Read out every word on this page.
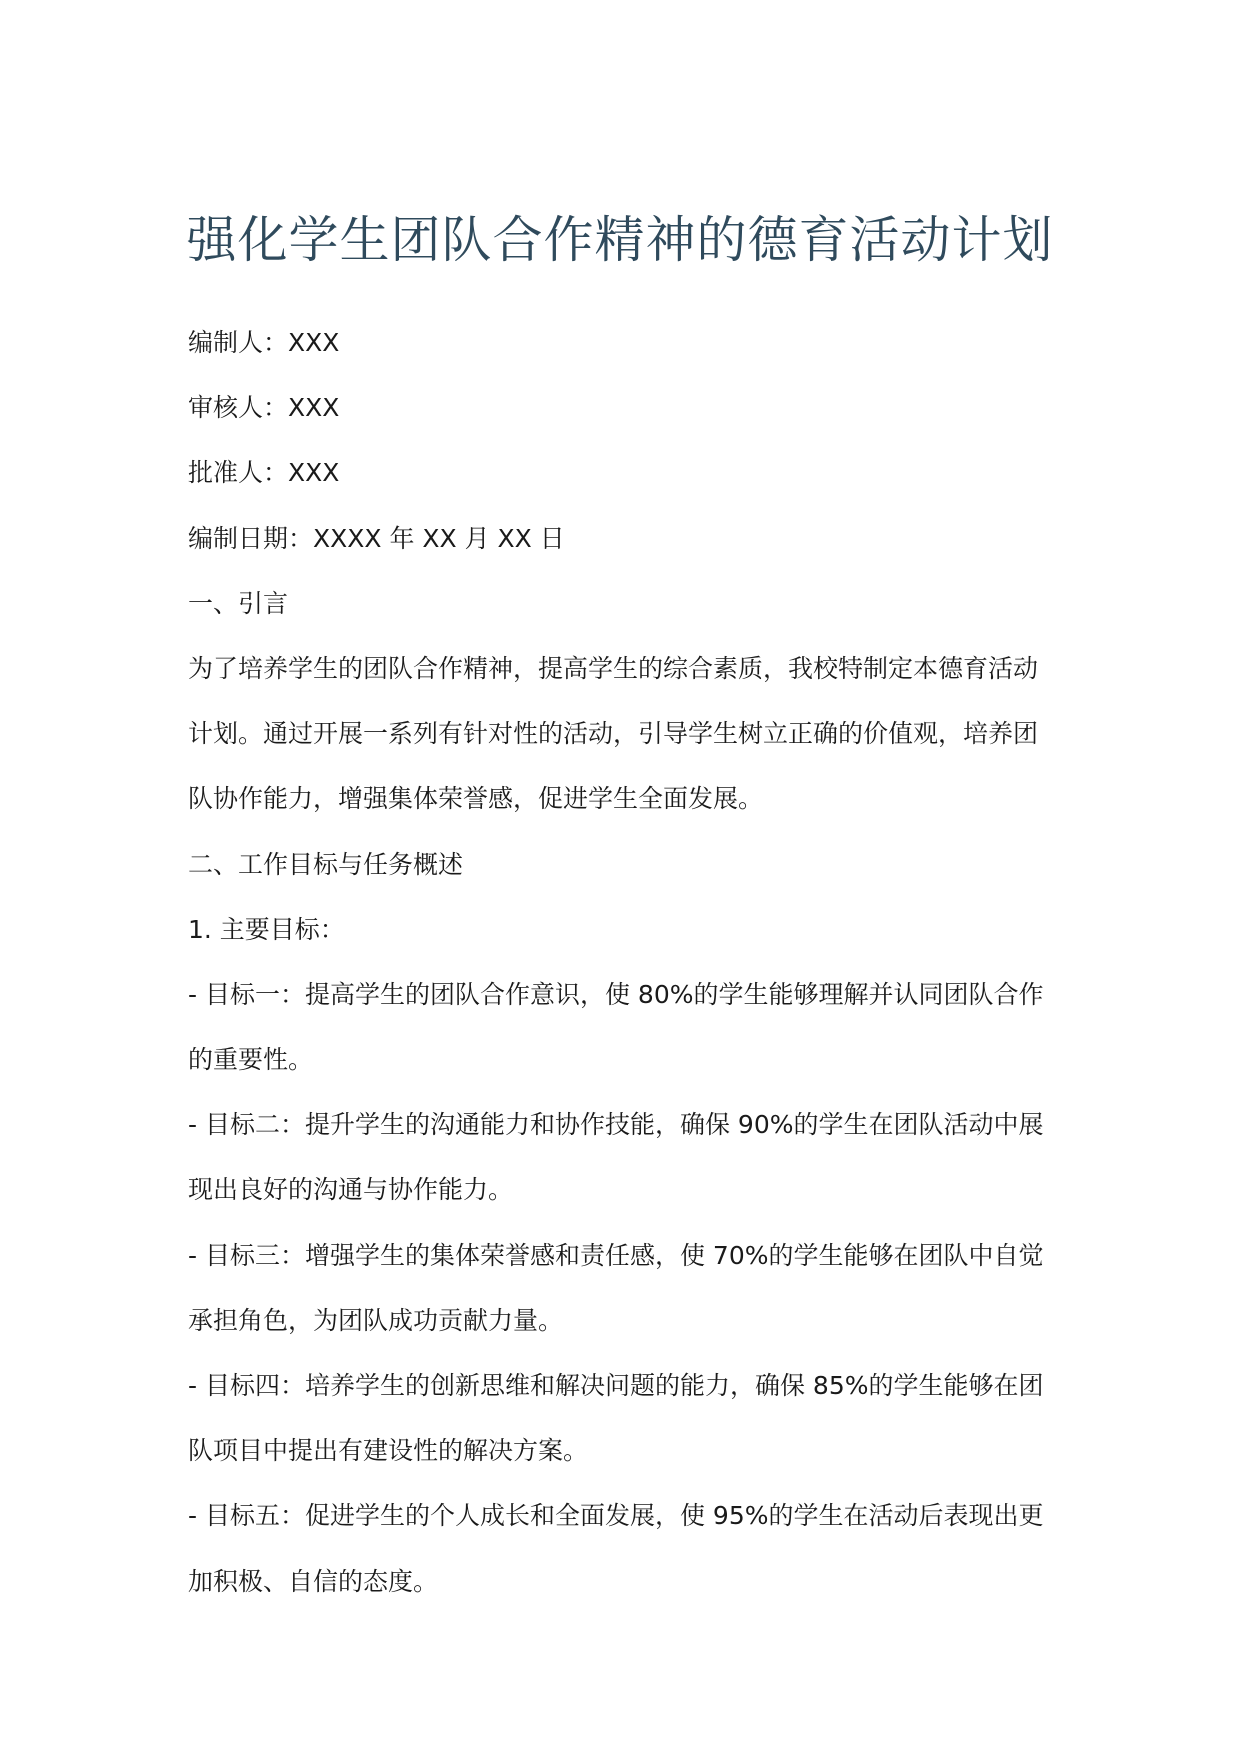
强化学生团队合作精神的德育活动计划
编制人：XXX
审核人：XXX
批准人：XXX
编制日期：XXXX 年 XX 月 XX 日
一、引言
为了培养学生的团队合作精神，提高学生的综合素质，我校特制定本德育活动
计划。通过开展一系列有针对性的活动，引导学生树立正确的价值观，培养团
队协作能力，增强集体荣誉感，促进学生全面发展。
二、工作目标与任务概述
1. 主要目标：
- 目标一：提高学生的团队合作意识，使 80%的学生能够理解并认同团队合作
的重要性。
- 目标二：提升学生的沟通能力和协作技能，确保 90%的学生在团队活动中展
现出良好的沟通与协作能力。
- 目标三：增强学生的集体荣誉感和责任感，使 70%的学生能够在团队中自觉
承担角色，为团队成功贡献力量。
- 目标四：培养学生的创新思维和解决问题的能力，确保 85%的学生能够在团
队项目中提出有建设性的解决方案。
- 目标五：促进学生的个人成长和全面发展，使 95%的学生在活动后表现出更
加积极、自信的态度。
